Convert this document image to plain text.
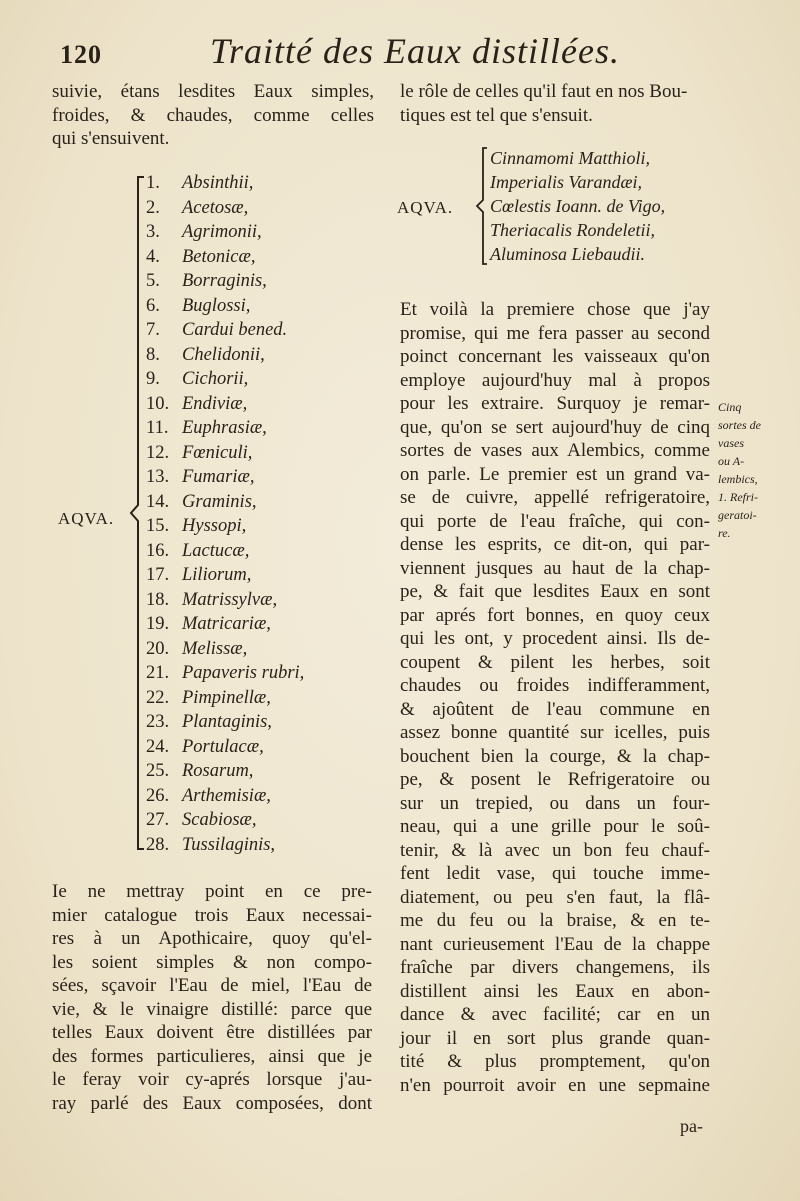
120	Traitté des Eaux distillées.

suivie, étans lesdites Eaux simples,

froides, & chaudes, comme celles

qui s'ensuivent.

AQVA.
1. Absinthii,
2. Acetosæ,
3. Agrimonii,
4. Betonicæ,
5. Borraginis,
6. Buglossi,
7. Cardui bened.
8. Chelidonii,
9. Cichorii,
10. Endiviæ,
11. Euphrasiæ,
12. Fœniculi,
13. Fumariæ,
14. Graminis,
15. Hyssopi,
16. Lactucæ,
17. Liliorum,
18. Matrissylvæ,
19. Matricariæ,
20. Melissæ,
21. Papaveris rubri,
22. Pimpinellæ,
23. Plantaginis,
24. Portulacæ,
25. Rosarum,
26. Arthemisiæ,
27. Scabiosæ,
28. Tussilaginis,

Ie ne mettray point en ce pre-

mier catalogue trois Eaux necessai-

res à un Apothicaire, quoy qu'el-

les soient simples & non compo-

sées, sçavoir l'Eau de miel, l'Eau de

vie, & le vinaigre distillé: parce que

telles Eaux doivent être distillées par

des formes particulieres, ainsi que je

le feray voir cy-aprés lorsque j'au-

ray parlé des Eaux composées, dont

le rôle de celles qu'il faut en nos Bou-

tiques est tel que s'ensuit.

AQVA.
Cinnamomi Matthioli,
Imperialis Varandæi,
Cœlestis Ioann. de Vigo,
Theriacalis Rondeletii,
Aluminosa Liebaudii.

Et voilà la premiere chose que j'ay

promise, qui me fera passer au second

poinct concernant les vaisseaux qu'on

employe aujourd'huy mal à propos

pour les extraire. Surquoy je remar-

que, qu'on se sert aujourd'huy de cinq

sortes de vases aux Alembics, comme

on parle. Le premier est un grand va-

se de cuivre, appellé refrigeratoire,

qui porte de l'eau fraîche, qui con-

dense les esprits, ce dit-on, qui par-

viennent jusques au haut de la chap-

pe, & fait que lesdites Eaux en sont

par aprés fort bonnes, en quoy ceux

qui les ont, y procedent ainsi. Ils de-

coupent & pilent les herbes, soit

chaudes ou froides indifferamment,

& ajoûtent de l'eau commune en

assez bonne quantité sur icelles, puis

bouchent bien la courge, & la chap-

pe, & posent le Refrigeratoire ou

sur un trepied, ou dans un four-

neau, qui a une grille pour le soû-

tenir, & là avec un bon feu chauf-

fent ledit vase, qui touche imme-

diatement, ou peu s'en faut, la flâ-

me du feu ou la braise, & en te-

nant curieusement l'Eau de la chappe

fraîche par divers changemens, ils

distillent ainsi les Eaux en abon-

dance & avec facilité; car en un

jour il en sort plus grande quan-

tité & plus promptement, qu'on

n'en pourroit avoir en une sepmaine

Cinq

sortes de

vases

ou A-

lembics,

1. Refri-

geratoi-

re.

pa-
